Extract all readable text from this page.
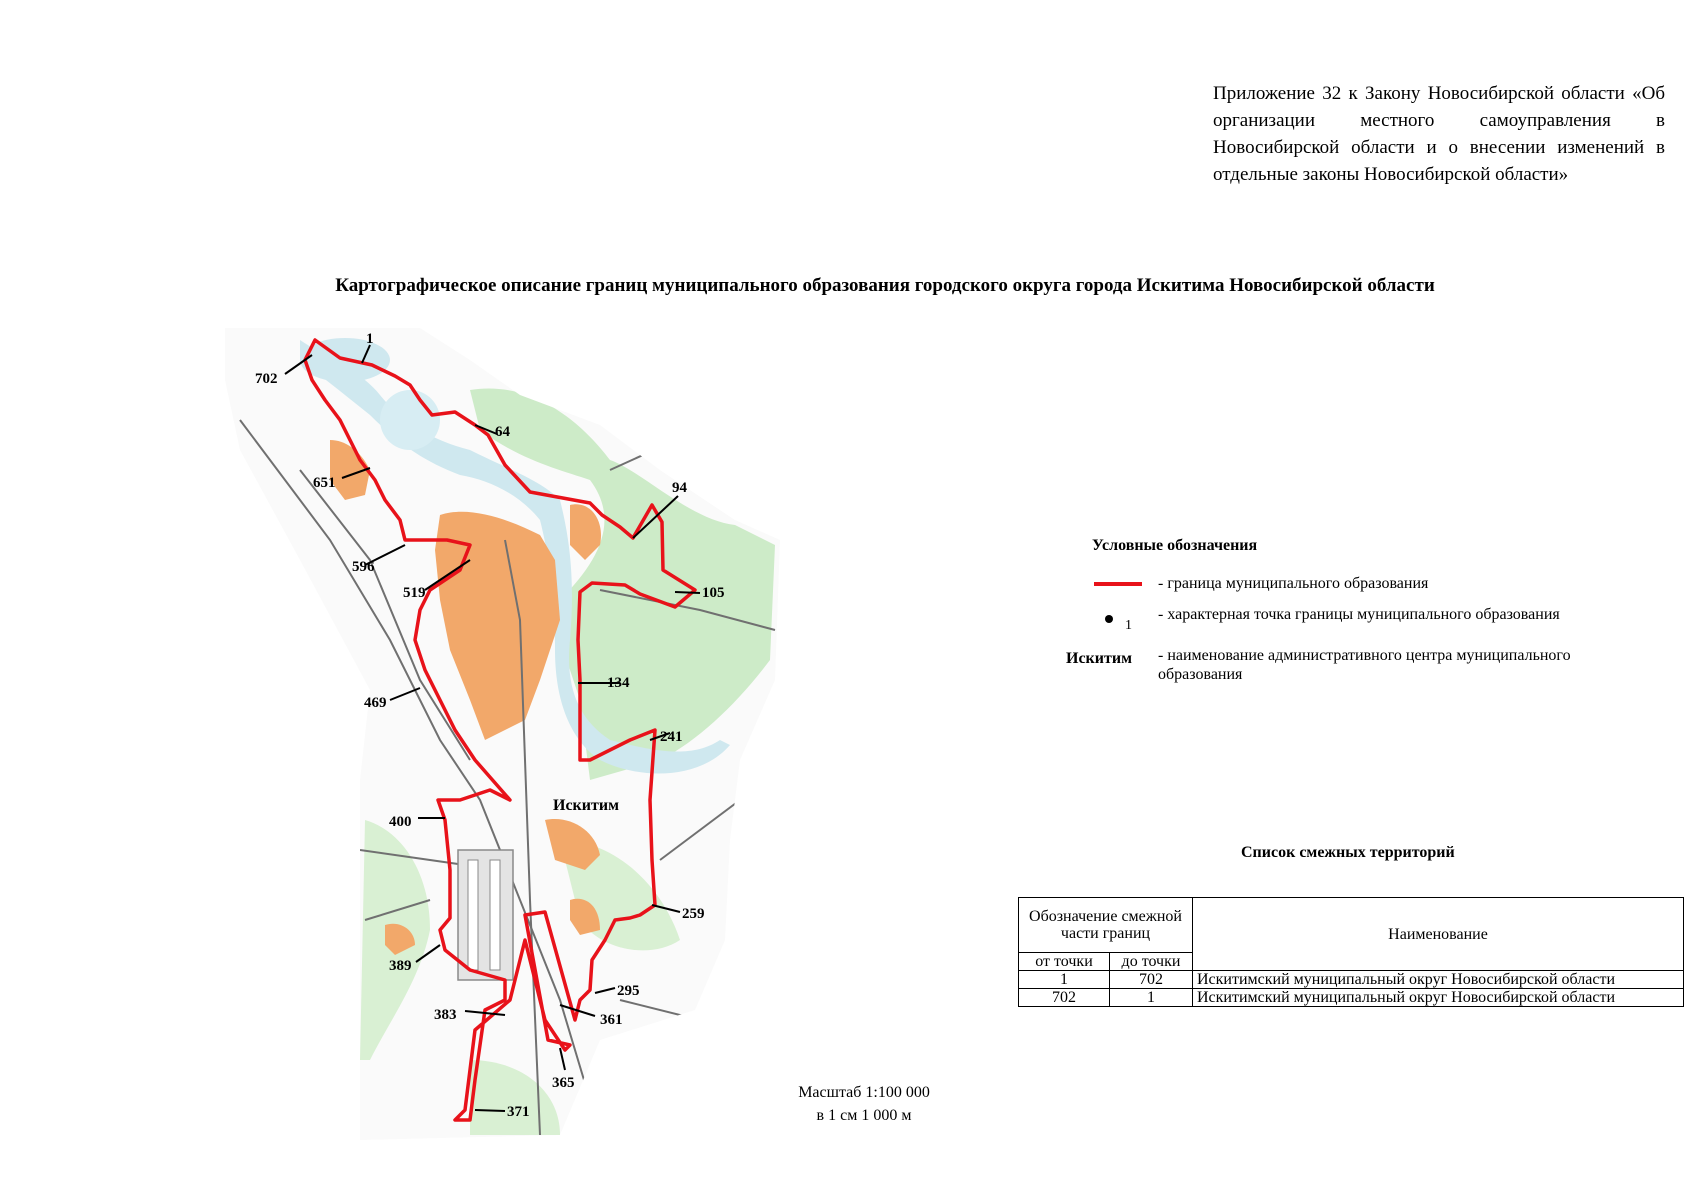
Приложение 32 к Закону Новосибирской области «Об организации местного самоуправления в Новосибирской области и о внесении изменений в отдельные законы Новосибирской области»
Картографическое описание границ муниципального образования городского округа города Искитима Новосибирской области
1
702
64
651	94
596
519	105
469
134
241
400
259
389
295
383	361
365
371
Искитим
Условные обозначения
- граница муниципального образования
1
- характерная точка границы муниципального образования
Искитим - наименование административного центра муниципального образования
Масштаб 1:100 000
в 1 см 1 000 м
Список смежных территорий
Обозначение смежной части границ		Наименование
от точки	до точки	
1	702	Искитимский муниципальный округ Новосибирской области
702	1	Искитимский муниципальный округ Новосибирской области
